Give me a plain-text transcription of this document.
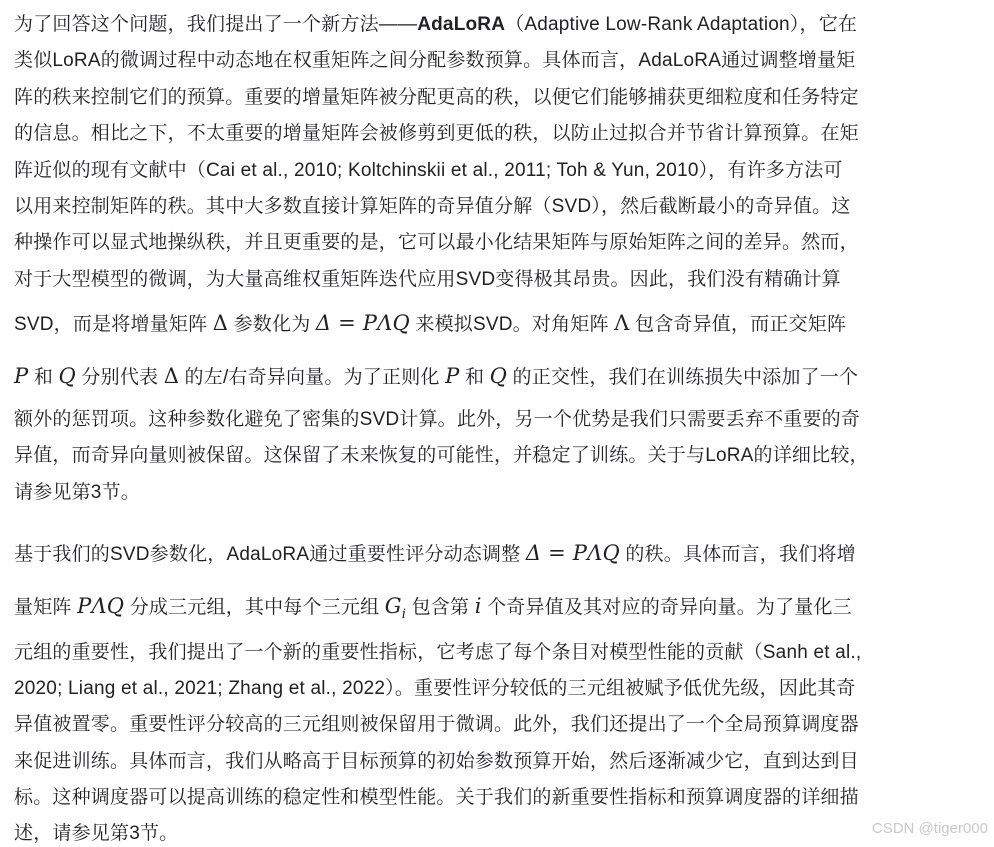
为了回答这个问题，我们提出了一个新方法——AdaLoRA（Adaptive Low-Rank Adaptation），它在
类似LoRA的微调过程中动态地在权重矩阵之间分配参数预算。具体而言，AdaLoRA通过调整增量矩
阵的秩来控制它们的预算。重要的增量矩阵被分配更高的秩，以便它们能够捕获更细粒度和任务特定
的信息。相比之下，不太重要的增量矩阵会被修剪到更低的秩，以防止过拟合并节省计算预算。在矩
阵近似的现有文献中（Cai et al., 2010; Koltchinskii et al., 2011; Toh & Yun, 2010），有许多方法可
以用来控制矩阵的秩。其中大多数直接计算矩阵的奇异值分解（SVD），然后截断最小的奇异值。这
种操作可以显式地操纵秩，并且更重要的是，它可以最小化结果矩阵与原始矩阵之间的差异。然而，
对于大型模型的微调，为大量高维权重矩阵迭代应用SVD变得极其昂贵。因此，我们没有精确计算
SVD，而是将增量矩阵 Δ 参数化为 Δ = PΛQ 来模拟SVD。对角矩阵 Λ 包含奇异值，而正交矩阵
P 和 Q 分别代表 Δ 的左/右奇异向量。为了正则化 P 和 Q 的正交性，我们在训练损失中添加了一个
额外的惩罚项。这种参数化避免了密集的SVD计算。此外，另一个优势是我们只需要丢弃不重要的奇
异值，而奇异向量则被保留。这保留了未来恢复的可能性，并稳定了训练。关于与LoRA的详细比较，
请参见第3节。
基于我们的SVD参数化，AdaLoRA通过重要性评分动态调整 Δ = PΛQ 的秩。具体而言，我们将增
量矩阵 PΛQ 分成三元组，其中每个三元组 $G_i$ 包含第 i 个奇异值及其对应的奇异向量。为了量化三
元组的重要性，我们提出了一个新的重要性指标，它考虑了每个条目对模型性能的贡献（Sanh et al.,
2020; Liang et al., 2021; Zhang et al., 2022）。重要性评分较低的三元组被赋予低优先级，因此其奇
异值被置零。重要性评分较高的三元组则被保留用于微调。此外，我们还提出了一个全局预算调度器
来促进训练。具体而言，我们从略高于目标预算的初始参数预算开始，然后逐渐减少它，直到达到目
标。这种调度器可以提高训练的稳定性和模型性能。关于我们的新重要性指标和预算调度器的详细描
述，请参见第3节。	CSDN @tiger000
